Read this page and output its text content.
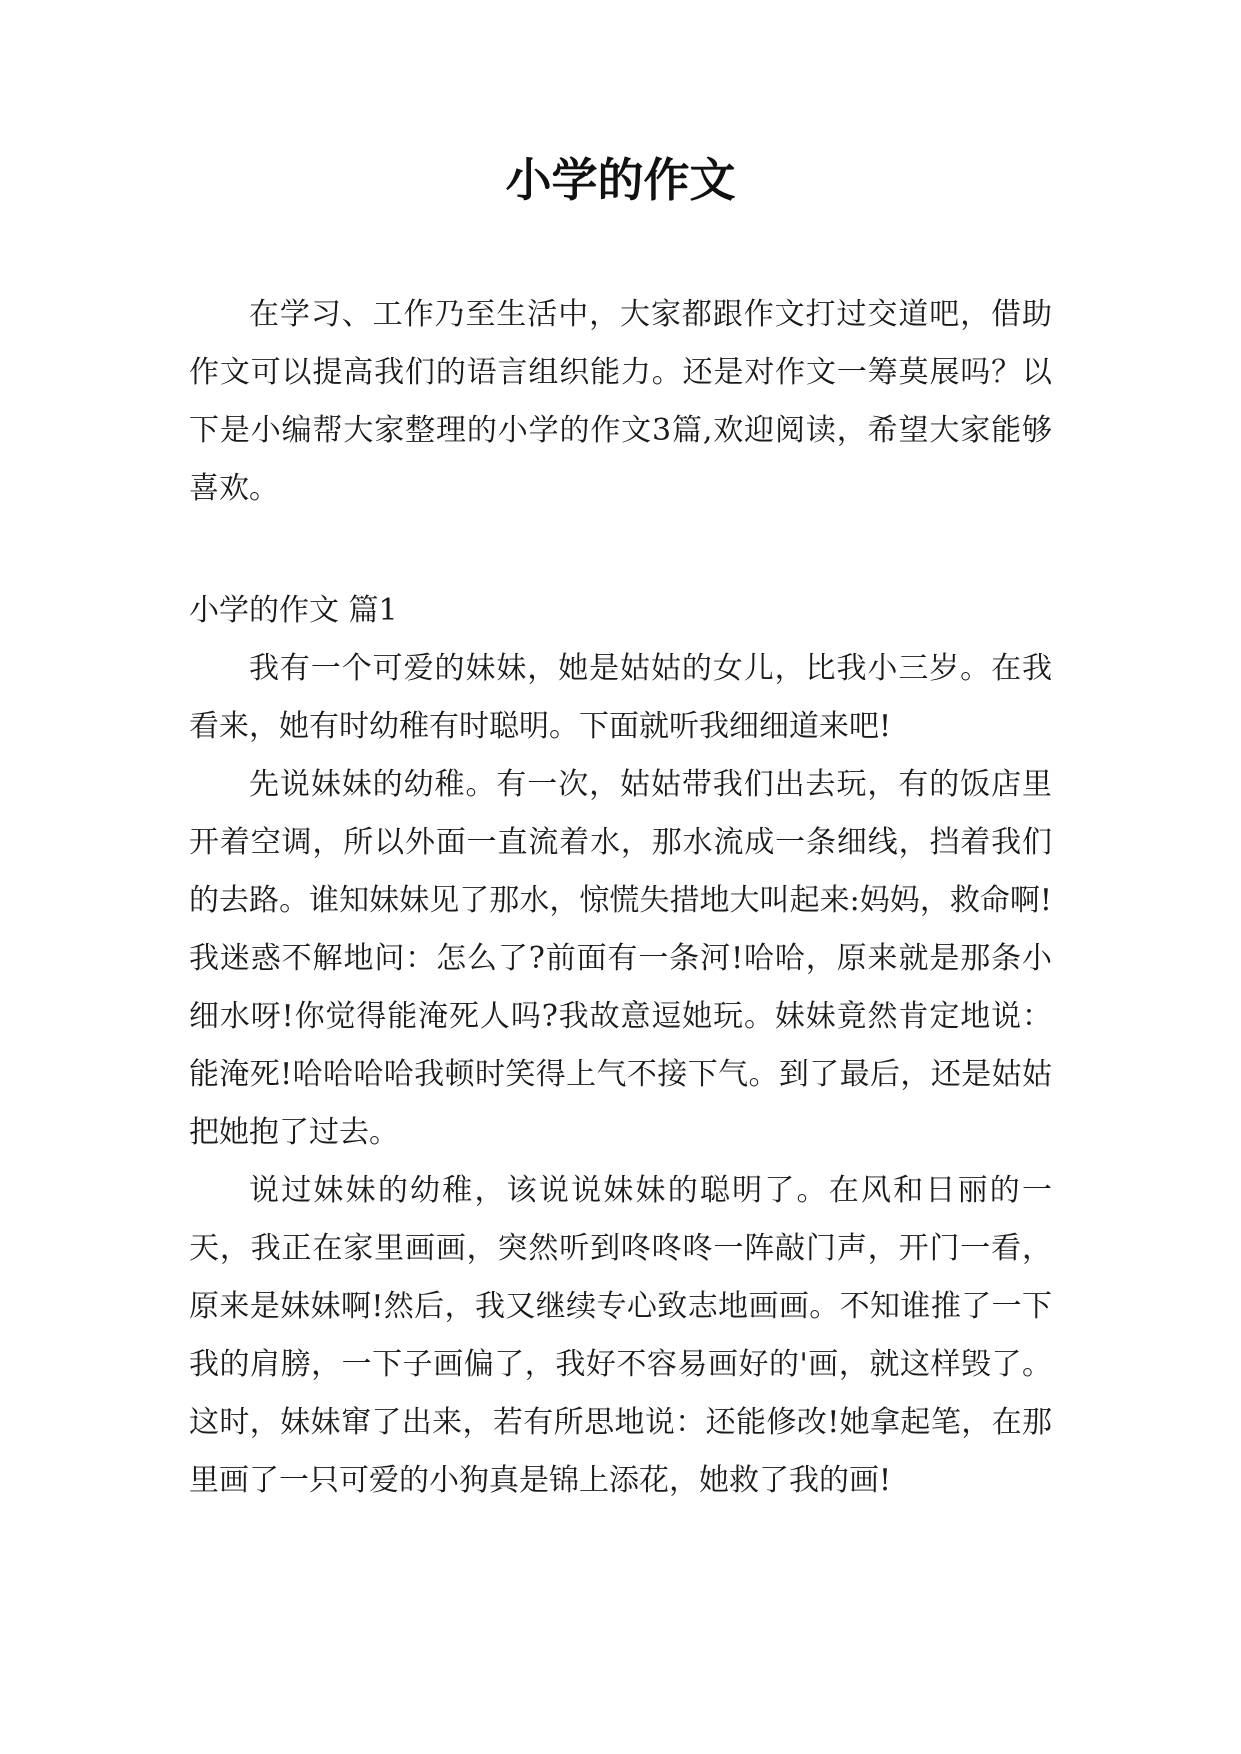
小学的作文

在学习、工作乃至生活中，大家都跟作文打过交道吧，借助作文可以提高我们的语言组织能力。还是对作文一筹莫展吗？以下是小编帮大家整理的小学的作文3篇,欢迎阅读，希望大家能够喜欢。

小学的作文 篇1

我有一个可爱的妹妹，她是姑姑的女儿，比我小三岁。在我看来，她有时幼稚有时聪明。下面就听我细细道来吧!

先说妹妹的幼稚。有一次，姑姑带我们出去玩，有的饭店里开着空调，所以外面一直流着水，那水流成一条细线，挡着我们的去路。谁知妹妹见了那水，惊慌失措地大叫起来:妈妈，救命啊!我迷惑不解地问：怎么了?前面有一条河!哈哈，原来就是那条小细水呀!你觉得能淹死人吗?我故意逗她玩。妹妹竟然肯定地说：能淹死!哈哈哈哈我顿时笑得上气不接下气。到了最后，还是姑姑把她抱了过去。

说过妹妹的幼稚，该说说妹妹的聪明了。在风和日丽的一天，我正在家里画画，突然听到咚咚咚一阵敲门声，开门一看，原来是妹妹啊!然后，我又继续专心致志地画画。不知谁推了一下我的肩膀，一下子画偏了，我好不容易画好的'画，就这样毁了。这时，妹妹窜了出来，若有所思地说：还能修改!她拿起笔，在那里画了一只可爱的小狗真是锦上添花，她救了我的画!
